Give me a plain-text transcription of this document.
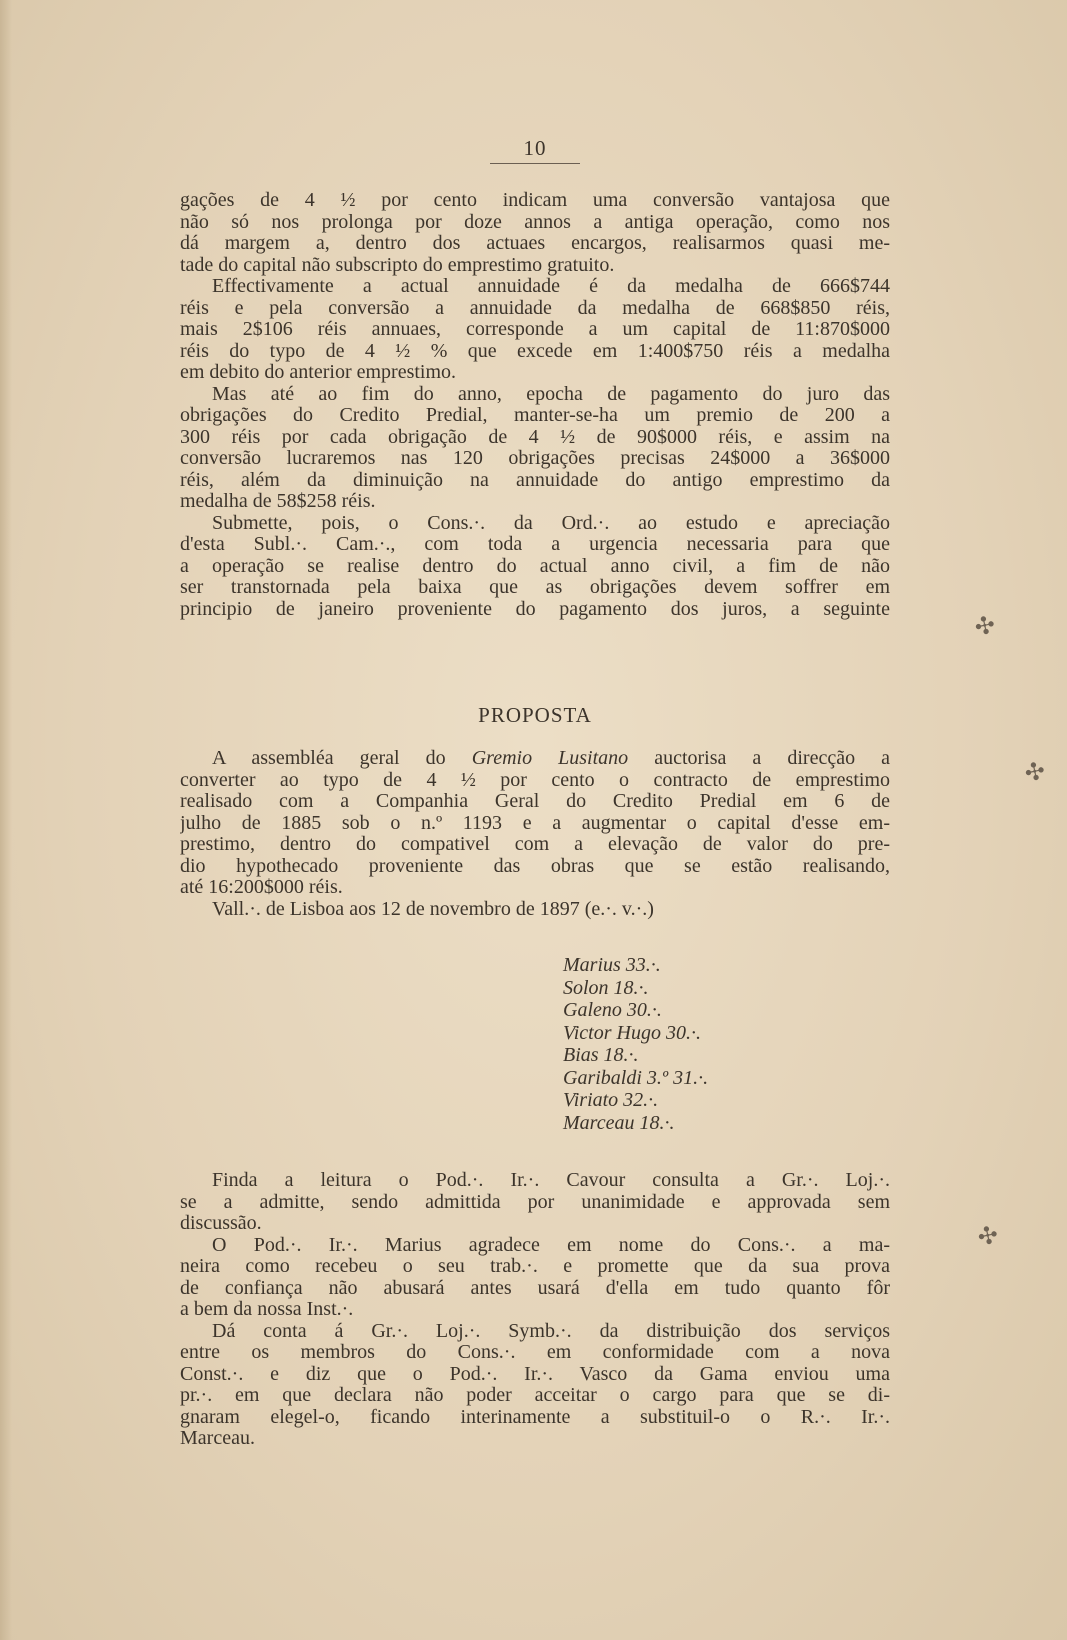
10
gações de 4 ½ por cento indicam uma conversão vantajosa que
não só nos prolonga por doze annos a antiga operação, como nos
dá margem a, dentro dos actuaes encargos, realisarmos quasi me-
tade do capital não subscripto do emprestimo gratuito.
Effectivamente a actual annuidade é da medalha de 666$744
réis e pela conversão a annuidade da medalha de 668$850 réis,
mais 2$106 réis annuaes, corresponde a um capital de 11:870$000
réis do typo de 4 ½ % que excede em 1:400$750 réis a medalha
em debito do anterior emprestimo.
Mas até ao fim do anno, epocha de pagamento do juro das
obrigações do Credito Predial, manter-se-ha um premio de 200 a
300 réis por cada obrigação de 4 ½ de 90$000 réis, e assim na
conversão lucraremos nas 120 obrigações precisas 24$000 a 36$000
réis, além da diminuição na annuidade do antigo emprestimo da
medalha de 58$258 réis.
Submette, pois, o Cons.·. da Ord.·. ao estudo e apreciação
d'esta Subl.·. Cam.·., com toda a urgencia necessaria para que
a operação se realise dentro do actual anno civil, a fim de não
ser transtornada pela baixa que as obrigações devem soffrer em
principio de janeiro proveniente do pagamento dos juros, a seguinte
PROPOSTA
A assembléa geral do Gremio Lusitano auctorisa a direcção a
converter ao typo de 4 ½ por cento o contracto de emprestimo
realisado com a Companhia Geral do Credito Predial em 6 de
julho de 1885 sob o n.º 1193 e a augmentar o capital d'esse em-
prestimo, dentro do compativel com a elevação de valor do pre-
dio hypothecado proveniente das obras que se estão realisando,
até 16:200$000 réis.
Vall.·. de Lisboa aos 12 de novembro de 1897 (e.·. v.·.)
Marius 33.·.
Solon 18.·.
Galeno 30.·.
Victor Hugo 30.·.
Bias 18.·.
Garibaldi 3.º 31.·.
Viriato 32.·.
Marceau 18.·.
Finda a leitura o Pod.·. Ir.·. Cavour consulta a Gr.·. Loj.·.
se a admitte, sendo admittida por unanimidade e approvada sem
discussão.
O Pod.·. Ir.·. Marius agradece em nome do Cons.·. a ma-
neira como recebeu o seu trab.·. e promette que da sua prova
de confiança não abusará antes usará d'ella em tudo quanto fôr
a bem da nossa Inst.·.
Dá conta á Gr.·. Loj.·. Symb.·. da distribuição dos serviços
entre os membros do Cons.·. em conformidade com a nova
Const.·. e diz que o Pod.·. Ir.·. Vasco da Gama enviou uma
pr.·. em que declara não poder acceitar o cargo para que se di-
gnaram elegel-o, ficando interinamente a substituil-o o R.·. Ir.·.
Marceau.
✣
✣
✣
